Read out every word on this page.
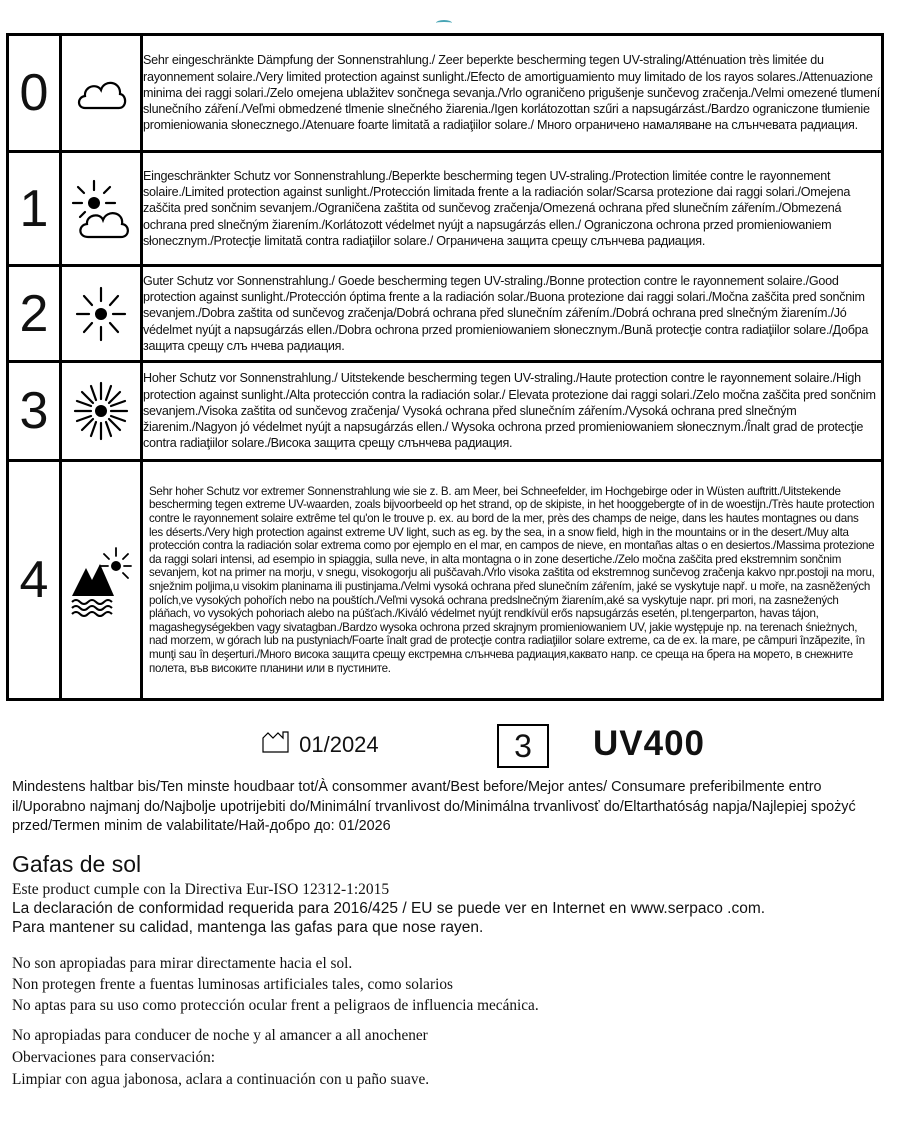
0		Sehr eingeschränkte Dämpfung der Sonnenstrahlung./ Zeer beperkte bescherming tegen UV-straling/Atténuation très limitée du rayonnement solaire./Very limited protection against sunlight./Efecto de amortiguamiento muy limitado de los rayos solares./Attenuazione minima dei raggi solari./Zelo omejena ublažitev sončnega sevanja./Vrlo ograničeno prigušenje sunčevog zračenja./Velmi omezené tlumení slunečního záření./Veľmi obmedzené tlmenie slnečného žiarenia./Igen korlátozottan szűri a napsugárzást./Bardzo ograniczone tłumienie promieniowania słonecznego./Atenuare foarte limitată a radiaţiilor solare./ Много ограничено намаляване на слънчевата радиация.
1		Eingeschränkter Schutz vor Sonnenstrahlung./Beperkte bescherming tegen UV-straling./Protection limitée contre le rayonnement solaire./Limited protection against sunlight./Protección limitada frente a la radiación solar/Scarsa protezione dai raggi solari./Omejena zaščita pred sončnim sevanjem./Ograničena zaštita od sunčevog zračenja/Omezená ochrana před slunečním zářením./Obmezená ochrana pred slnečným žiarením./Korlátozott védelmet nyújt a napsugárzás ellen./ Ograniczona ochrona przed promieniowaniem słonecznym./Protecţie limitată contra radiaţiilor solare./ Ограничена защита срещу слънчева радиация.
2		Guter Schutz vor Sonnenstrahlung./ Goede bescherming tegen UV-straling./Bonne protection contre le rayonnement solaire./Good protection against sunlight./Protección óptima frente a la radiación solar./Buona protezione dai raggi solari./Močna zaščita pred sončnim sevanjem./Dobra zaštita od sunčevog zračenja/Dobrá ochrana před slunečním zářením./Dobrá ochrana pred slnečným žiarením./Jó védelmet nyújt a napsugárzás ellen./Dobra ochrona przed promieniowaniem słonecznym./Bună protecţie contra radiaţiilor solare./Добра защита срещу слъ нчева радиация.
3		Hoher Schutz vor Sonnenstrahlung./ Uitstekende bescherming tegen UV-straling./Haute protection contre le rayonnement solaire./High protection against sunlight./Alta protección contra la radiación solar./ Elevata protezione dai raggi solari./Zelo močna zaščita pred sončnim sevanjem./Visoka zaštita od sunčevog zračenja/ Vysoká ochrana před slunečním zářením./Vysoká ochrana pred slnečným žiarenim./Nagyon jó védelmet nyújt a napsugárzás ellen./ Wysoka ochrona przed promieniowaniem słonecznym./Înalt grad de protecţie contra radiaţiilor solare./Висока защита срещу слънчева радиация.
4		Sehr hoher Schutz vor extremer Sonnenstrahlung wie sie z. B. am Meer, bei Schneefelder, im Hochgebirge oder in Wüsten auftritt./Uitstekende bescherming tegen extreme UV-waarden, zoals bijvoorbeeld op het strand, op de skipiste, in het hooggebergte of in de woestijn./Très haute protection contre le rayonnement solaire extrême tel qu'on le trouve p. ex. au bord de la mer, près des champs de neige, dans les hautes montagnes ou dans les déserts./Very high protection against extreme UV light, such as eg. by the sea, in a snow field, high in the mountains or in the desert./Muy alta protección contra la radiación solar extrema como por ejemplo en el mar, en campos de nieve, en montañas altas o en desiertos./Massima protezione da raggi solari intensi, ad esempio in spiaggia, sulla neve, in alta montagna o in zone desertiche./Zelo močna zaščita pred ekstremnim sončnim sevanjem, kot na primer na morju, v snegu, visokogorju ali puščavah./Vrlo visoka zaštita od ekstremnog sunčevog zračenja kakvo npr.postoji na moru, snježnim poljima,u visokim planinama ili pustinjama./Velmi vysoká ochrana před slunečním zářením, jaké se vyskytuje např. u moře, na zasněžených polích,ve vysokých pohořích nebo na pouštích./Veľmi vysoká ochrana predslnečným žiarením,aké sa vyskytuje napr. pri mori, na zasnežených pláňach, vo vysokých pohoriach alebo na púšťach./Kiváló védelmet nyújt rendkívül erős napsugárzás esetén, pl.tengerparton, havas tájon, magashegységekben vagy sivatagban./Bardzo wysoka ochrona przed skrajnym promieniowaniem UV, jakie występuje np. na terenach śnieżnych, nad morzem, w górach lub na pustyniach/Foarte înalt grad de protecţie contra radiaţiilor solare extreme, ca de ex. la mare, pe câmpuri înzăpezite, în munţi sau în deşerturi./Много висока защита срещу екстремна слънчева радиация,каквато напр. се среща на брега на морето, в снежните полета, във високите планини или в пустините.
01/2024	3	UV400
Mindestens haltbar bis/Ten minste houdbaar tot/À consommer avant/Best before/Mejor antes/ Consumare preferibilmente entro il/Uporabno najmanj do/Najbolje upotrijebiti do/Minimální trvanlivost do/Minimálna trvanlivosť do/Eltarthatóság napja/Najlepiej spożyć przed/Termen minim de valabilitate/Най-добро до: 01/2026
Gafas de sol
Este product cumple con la Directiva Eur-ISO 12312-1:2015
La declaración de conformidad requerida para 2016/425 / EU se puede ver en Internet en www.serpaco .com.
Para mantener su calidad, mantenga las gafas para que nose rayen.
No son apropiadas para mirar directamente hacia el sol.
Non protegen frente a fuentas luminosas artificiales tales, como solarios
No aptas para su uso como protección ocular frent a peligraos de influencia mecánica.
No apropiadas para conducer de noche y al amancer a all anochener
Obervaciones para conservación:
Limpiar con agua jabonosa, aclara a continuación con u paño suave.
